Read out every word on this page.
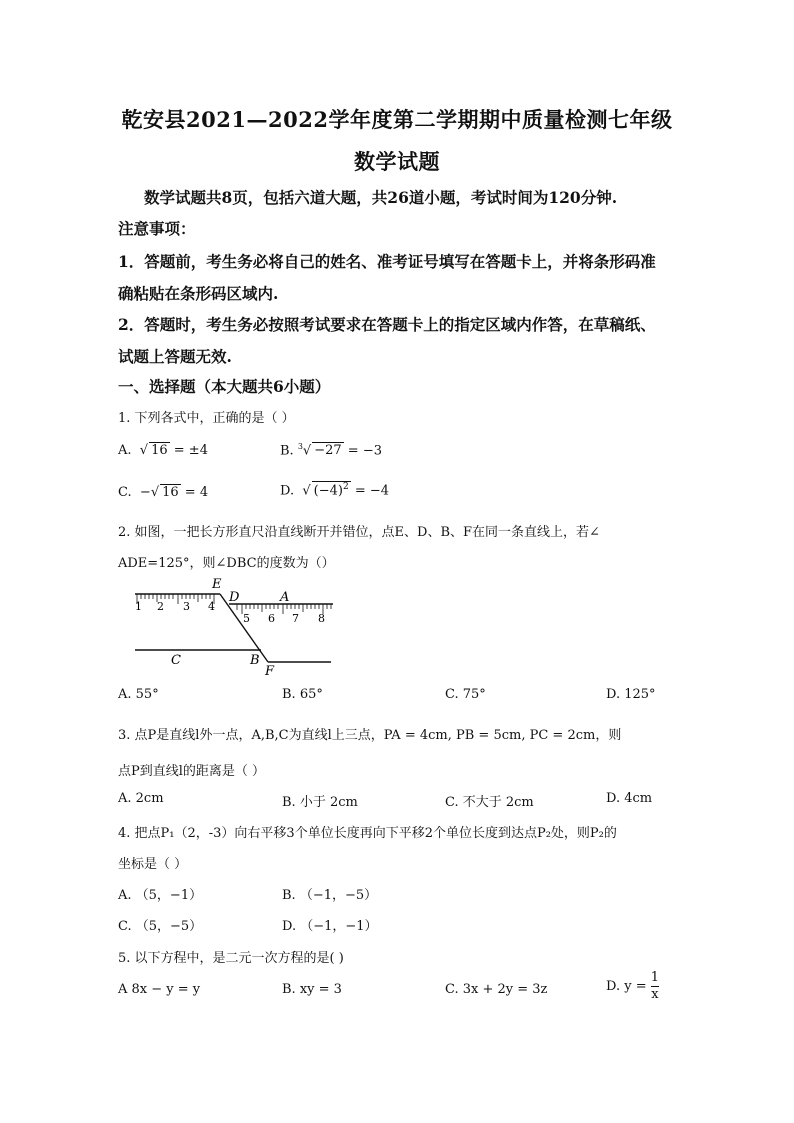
乾安县2021—2022学年度第二学期期中质量检测七年级
数学试题
数学试题共8页，包括六道大题，共26道小题，考试时间为120分钟.
注意事项：
1．答题前，考生务必将自己的姓名、准考证号填写在答题卡上，并将条形码准
确粘贴在条形码区域内.
2．答题时，考生务必按照考试要求在答题卡上的指定区域内作答，在草稿纸、
试题上答题无效.
一、选择题（本大题共6小题）
1. 下列各式中，正确的是（ ）
A.  √ 16 = ±4	B. $^3$√ −27 = −3
C. −√ 16 = 4	D.  √ $(-4)^2 = -4$
2. 如图，一把长方形直尺沿直线断开并错位，点E、D、B、F在同一条直线上，若∠
ADE=125°，则∠DBC的度数为（）
1 2 3 4
5 6 7 8
E
D	A
C	B
F
A. 55°	B. 65°	C. 75°	D. 125°
3. 点P是直线l外一点，A,B,C为直线l上三点，PA = 4cm, PB = 5cm, PC = 2cm，则
点P到直线l的距离是（ ）
A. 2cm	B. 小于 2cm	C. 不大于 2cm	D. 4cm
4. 把点P₁（2，-3）向右平移3个单位长度再向下平移2个单位长度到达点P₂处，则P₂的
坐标是（ ）
A. （5，−1）	B. （−1，−5）
C. （5，−5）	D. （−1，−1）
5. 以下方程中，是二元一次方程的是( )
A 8x − y = y	B. xy = 3	C. 3x + 2y = 3z	D. $y = \frac{1}{x}$
